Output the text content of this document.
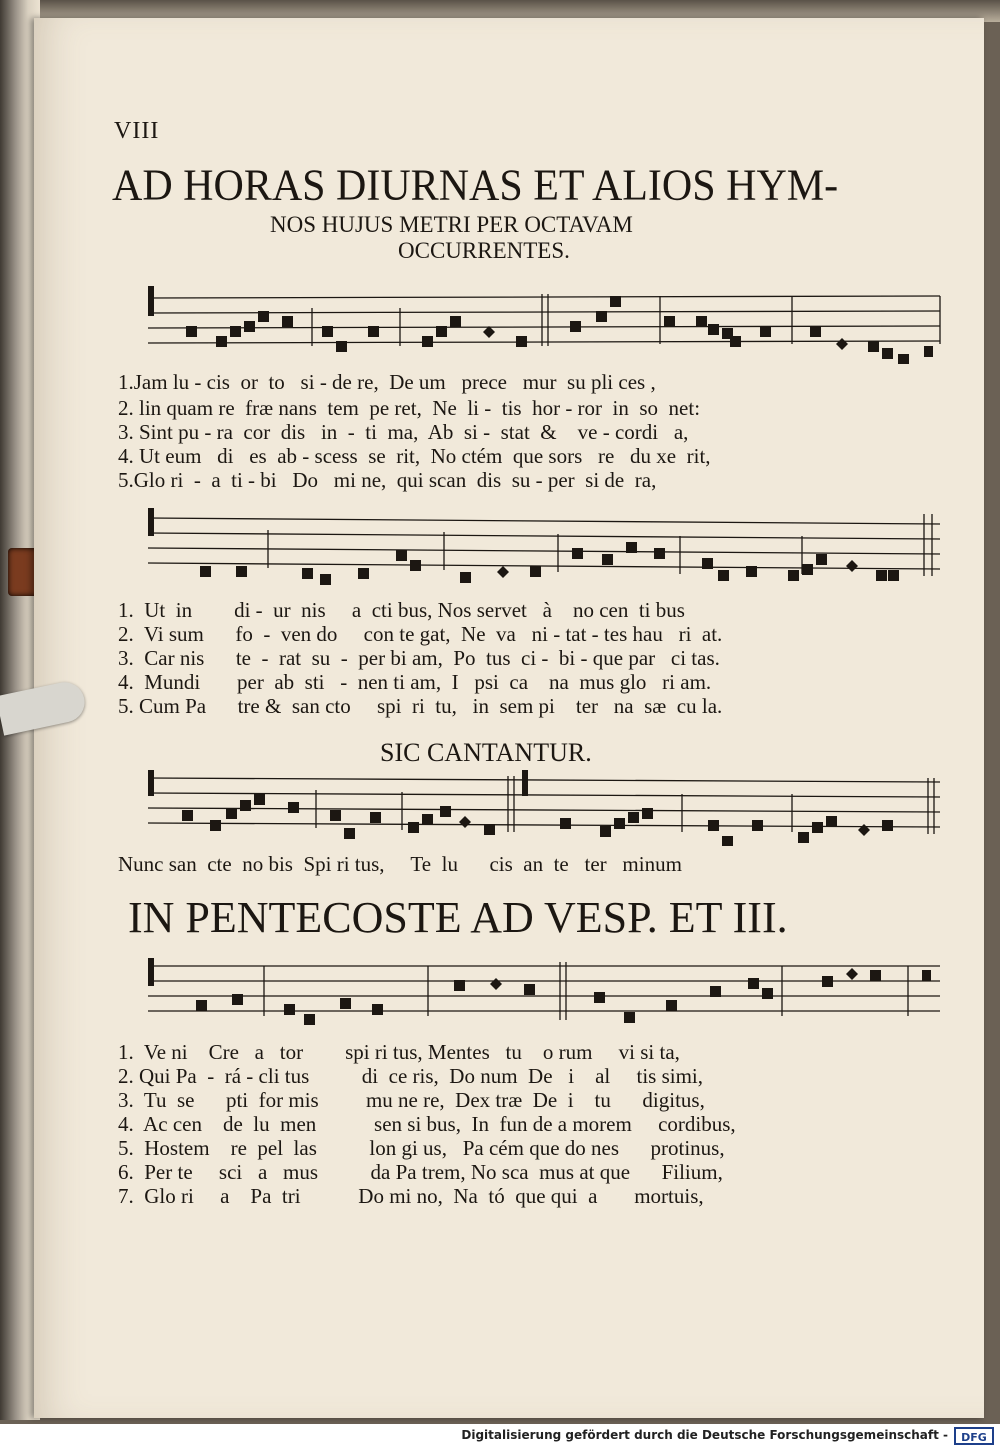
VIII
AD HORAS DIURNAS ET ALIOS HYM-
NOS HUJUS METRI PER OCTAVAM
OCCURRENTES.
1.Jam lu - cis  or  to   si - de re,  De um   prece   mur  su pli ces ,
2. lin quam re  fræ nans  tem  pe ret,  Ne  li -  tis  hor - ror  in  so  net:
3. Sint pu - ra  cor  dis   in  -  ti  ma,  Ab  si -  stat  &    ve - cordi   a,
4. Ut eum   di   es  ab - scess  se  rit,  No ctém  que sors   re   du xe  rit,
5.Glo ri  -  a  ti - bi   Do   mi ne,  qui scan  dis  su - per  si de  ra,
1.  Ut  in        di -  ur  nis     a  cti bus, Nos servet   à    no cen  ti bus
2.  Vi sum      fo  -  ven do     con te gat,  Ne  va   ni - tat - tes hau   ri  at.
3.  Car nis      te  -  rat  su  -  per bi am,  Po  tus  ci -  bi - que par   ci tas.
4.  Mundi       per  ab  sti   -  nen ti am,  I   psi  ca    na  mus glo   ri am.
5. Cum Pa      tre &  san cto     spi  ri  tu,   in  sem pi    ter   na  sæ  cu la.
SIC CANTANTUR.
Nunc san  cte  no bis  Spi ri tus,     Te  lu      cis  an  te   ter   minum
IN PENTECOSTE AD VESP. ET III.
1.  Ve ni    Cre   a   tor        spi ri tus, Mentes   tu    o rum     vi si ta,
2. Qui Pa  -  rá - cli tus          di  ce ris,  Do num  De   i    al     tis simi,
3.  Tu  se      pti  for mis         mu ne re,  Dex træ  De  i    tu      digitus,
4.  Ac cen    de  lu  men           sen si bus,  In  fun de a morem     cordibus,
5.  Hostem    re  pel  las          lon gi us,   Pa cém que do nes      protinus,
6.  Per te     sci   a   mus          da Pa trem, No sca  mus at que      Filium,
7.  Glo ri     a    Pa  tri           Do mi no,  Na  tó  que qui  a       mortuis,
Digitalisierung gefördert durch die Deutsche Forschungsgemeinschaft -	DFG
